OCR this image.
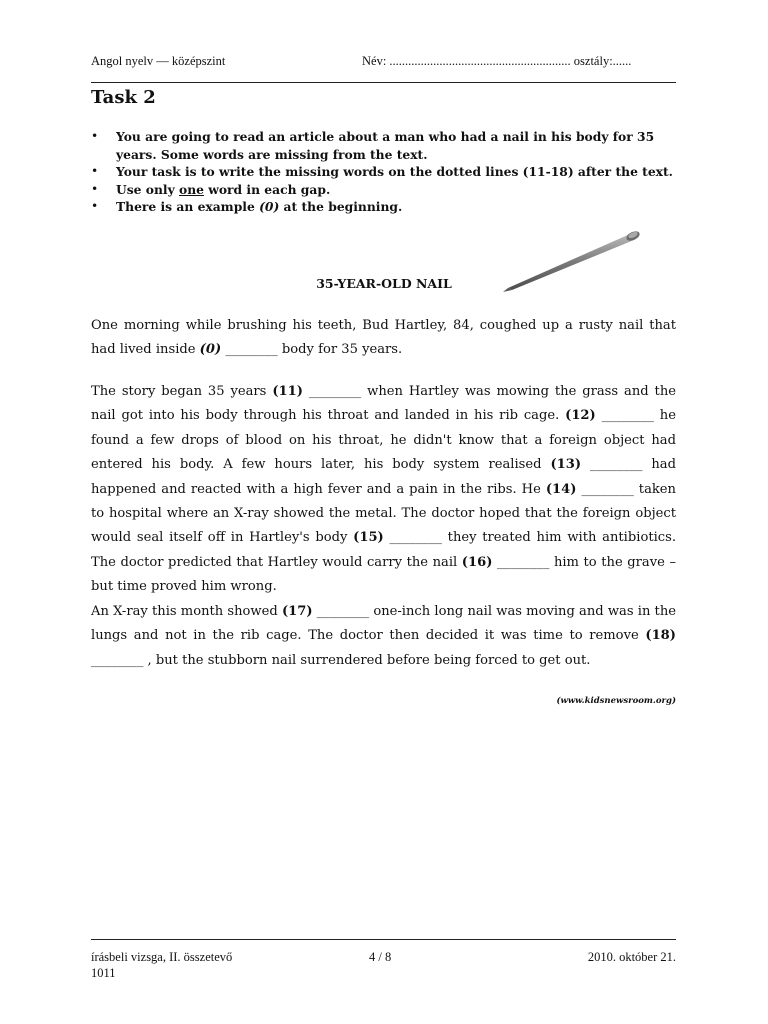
Angol nyelv — középszint	Név: .......................................................... osztály:......
Task 2
• You are going to read an article about a man who had a nail in his body for 35 years. Some words are missing from the text.
• Your task is to write the missing words on the dotted lines (11-18) after the text.
• Use only one word in each gap.
• There is an example (0) at the beginning.
35-YEAR-OLD NAIL

One morning while brushing his teeth, Bud Hartley, 84, coughed up a rusty nail that had lived inside (0) ________ body for 35 years.

The story began 35 years (11) ________ when Hartley was mowing the grass and the nail got into his body through his throat and landed in his rib cage. (12) ________ he found a few drops of blood on his throat, he didn't know that a foreign object had entered his body. A few hours later, his body system realised (13) ________ had happened and reacted with a high fever and a pain in the ribs. He (14) ________ taken to hospital where an X-ray showed the metal. The doctor hoped that the foreign object would seal itself off in Hartley's body (15) ________ they treated him with antibiotics. The doctor predicted that Hartley would carry the nail (16) ________ him to the grave – but time proved him wrong.

An X-ray this month showed (17) ________ one-inch long nail was moving and was in the lungs and not in the rib cage. The doctor then decided it was time to remove (18) ________ , but the stubborn nail surrendered before being forced to get out.

(www.kidsnewsroom.org)
írásbeli vizsga, II. összetevő
1011
4 / 8	2010. október 21.
